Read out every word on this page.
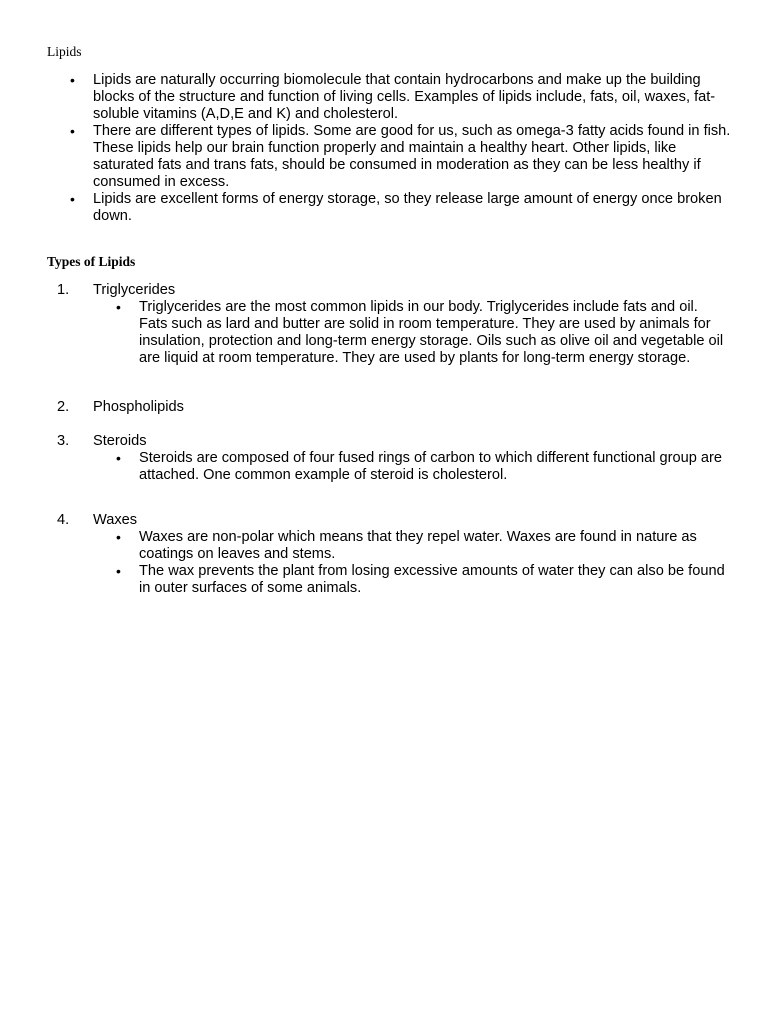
Lipids
• Lipids are naturally occurring biomolecule that contain hydrocarbons and make up the building blocks of the structure and function of living cells. Examples of lipids include, fats, oil, waxes, fat-soluble vitamins (A,D,E and K) and cholesterol.
• There are different types of lipids. Some are good for us, such as omega-3 fatty acids found in fish. These lipids help our brain function properly and maintain a healthy heart. Other lipids, like saturated fats and trans fats, should be consumed in moderation as they can be less healthy if consumed in excess.
• Lipids are excellent forms of energy storage, so they release large amount of energy once broken down.
Types of Lipids
1. Triglycerides
• Triglycerides are the most common lipids in our body. Triglycerides include fats and oil. Fats such as lard and butter are solid in room temperature. They are used by animals for insulation, protection and long-term energy storage. Oils such as olive oil and vegetable oil are liquid at room temperature. They are used by plants for long-term energy storage.
2. Phospholipids
3. Steroids
• Steroids are composed of four fused rings of carbon to which different functional group are attached. One common example of steroid is cholesterol.
4. Waxes
• Waxes are non-polar which means that they repel water. Waxes are found in nature as coatings on leaves and stems.
• The wax prevents the plant from losing excessive amounts of water they can also be found in outer surfaces of some animals.
